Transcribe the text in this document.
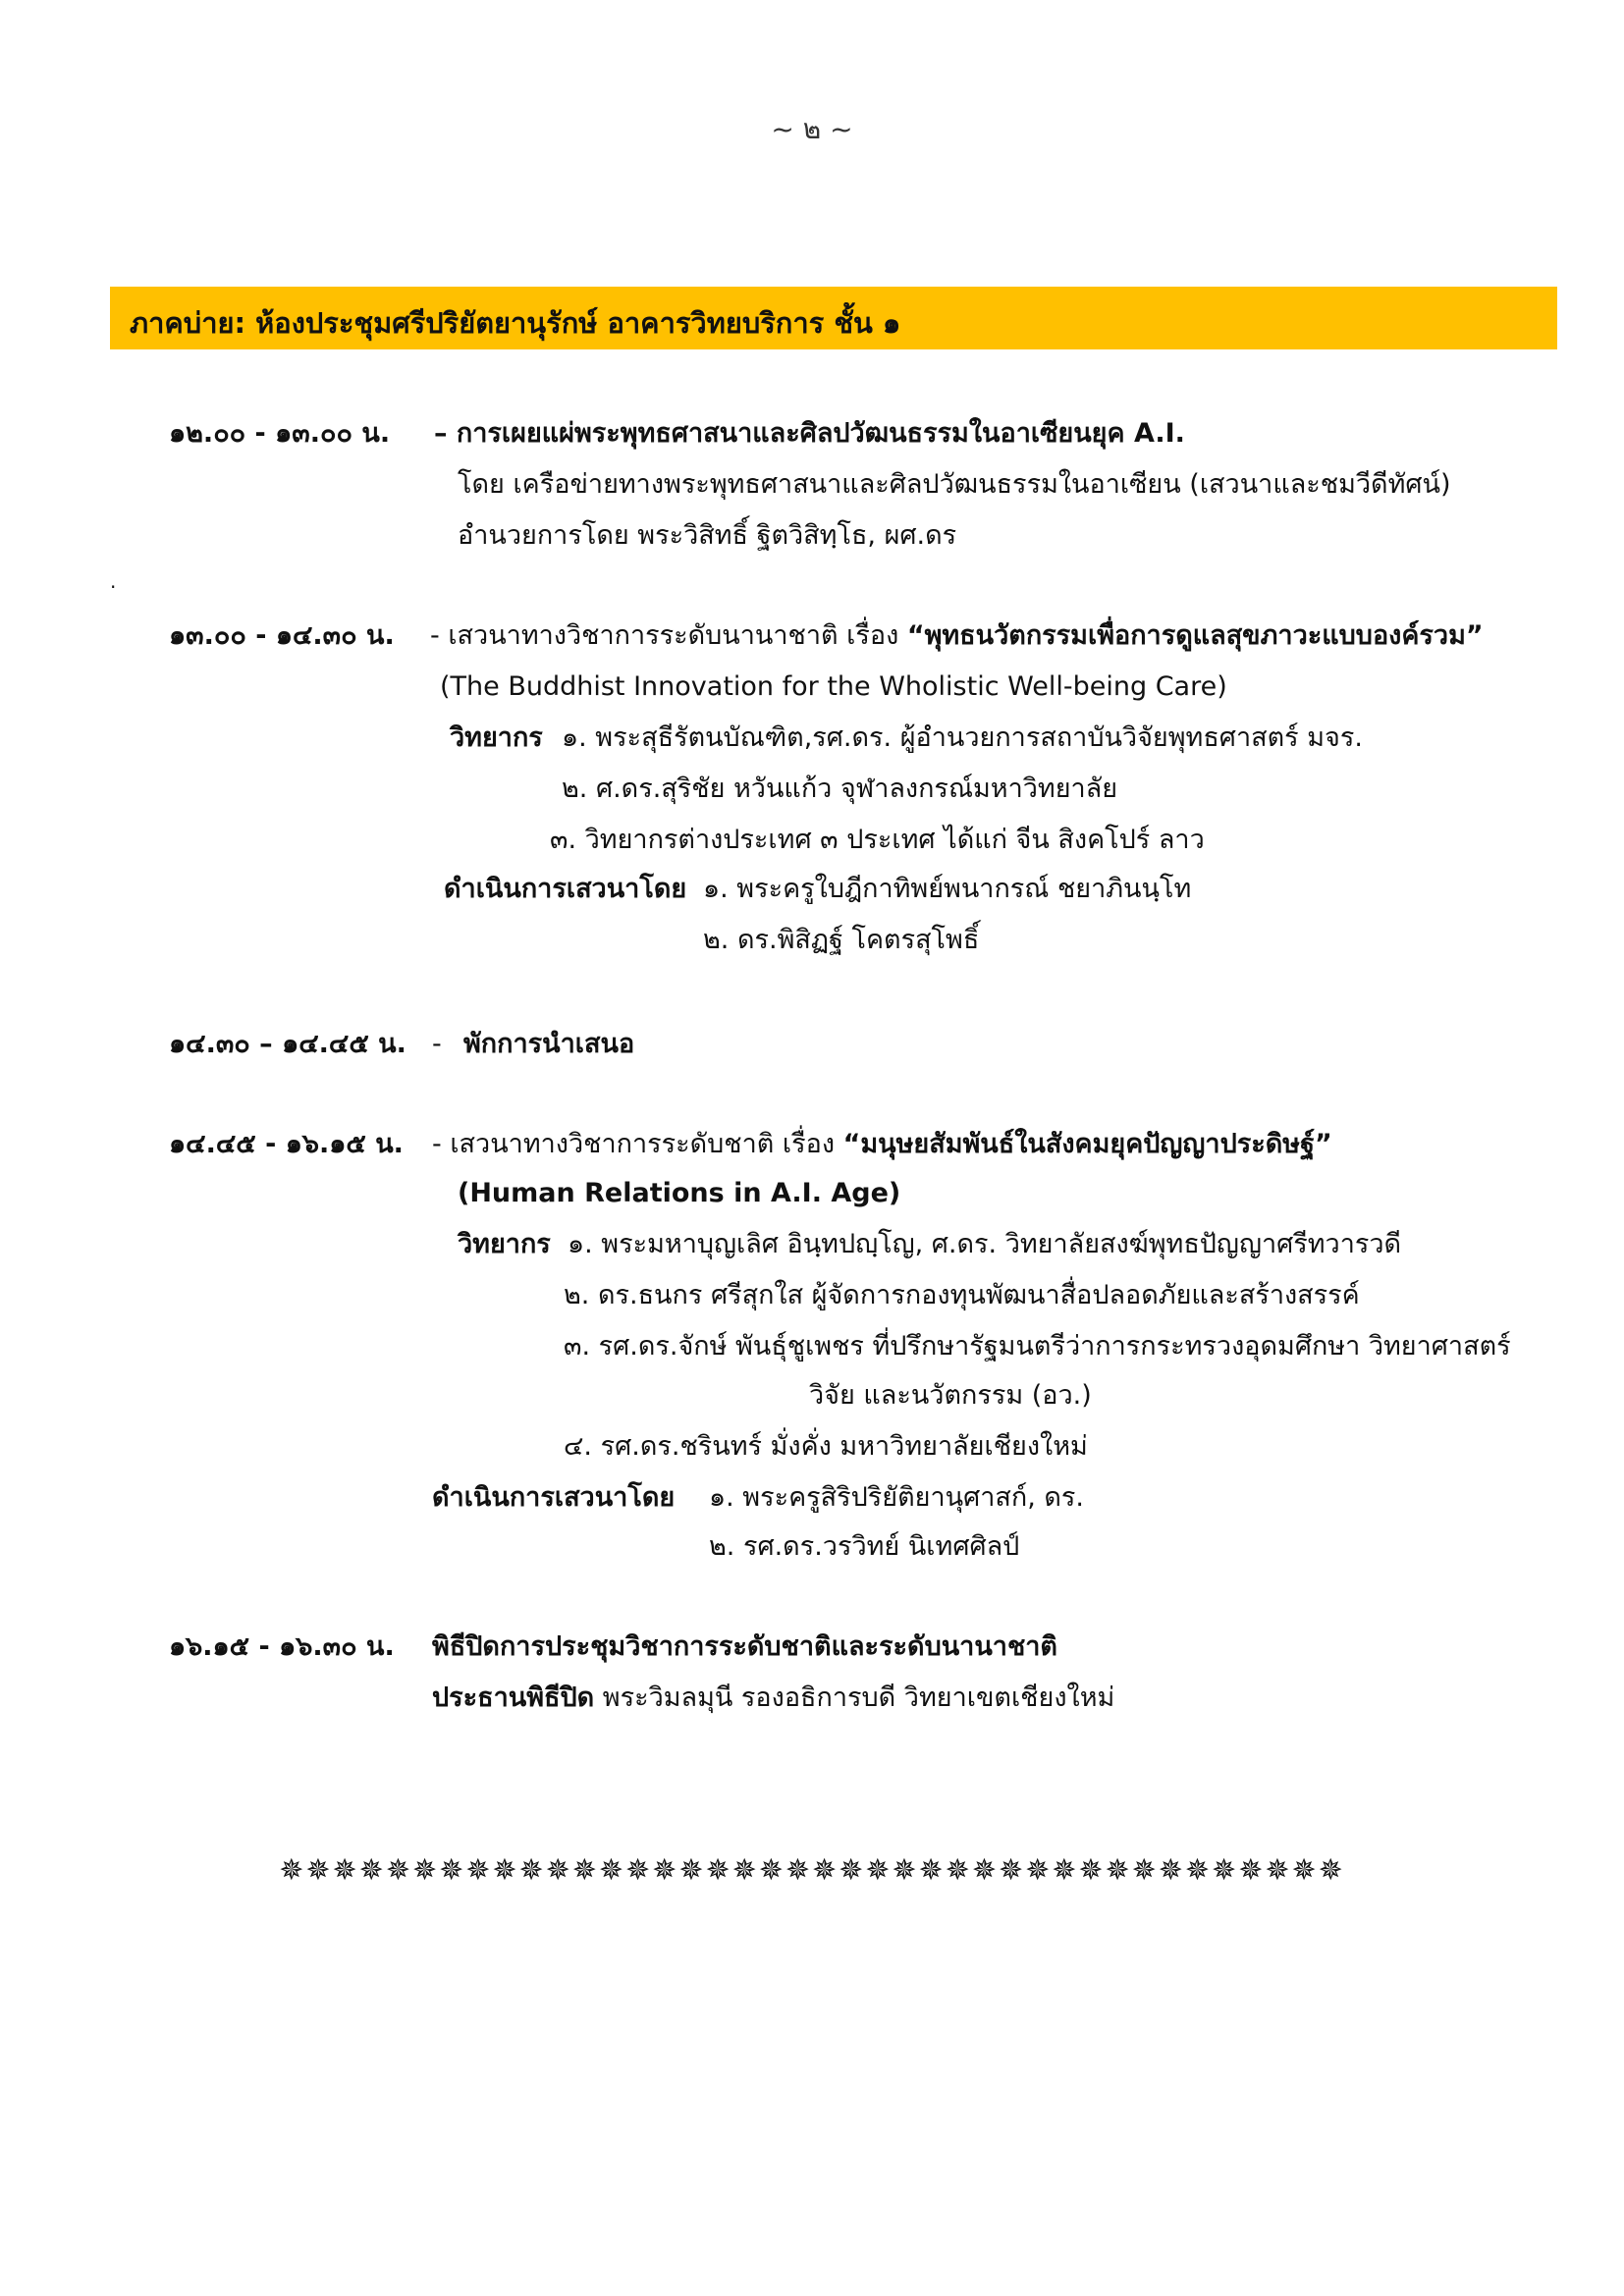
~ ๒ ~
ภาคบ่าย: ห้องประชุมศรีปริยัตยานุรักษ์ อาคารวิทยบริการ ชั้น ๑
๑๒.๐๐ - ๑๓.๐๐ น. – การเผยแผ่พระพุทธศาสนาและศิลปวัฒนธรรมในอาเซียนยุค A.I.
โดย เครือข่ายทางพระพุทธศาสนาและศิลปวัฒนธรรมในอาเซียน (เสวนาและชมวีดีทัศน์)
อำนวยการโดย พระวิสิทธิ์ ฐิตวิสิทฺโธ, ผศ.ดร
.
๑๓.๐๐ - ๑๔.๓๐ น. - เสวนาทางวิชาการระดับนานาชาติ เรื่อง “พุทธนวัตกรรมเพื่อการดูแลสุขภาวะแบบองค์รวม”
(The Buddhist Innovation for the Wholistic Well-being Care)
วิทยากร ๑. พระสุธีรัตนบัณฑิต,รศ.ดร. ผู้อำนวยการสถาบันวิจัยพุทธศาสตร์ มจร.
๒. ศ.ดร.สุริชัย หวันแก้ว จุฬาลงกรณ์มหาวิทยาลัย
๓. วิทยากรต่างประเทศ ๓ ประเทศ ได้แก่ จีน สิงคโปร์ ลาว
ดำเนินการเสวนาโดย ๑. พระครูใบฎีกาทิพย์พนากรณ์ ชยาภินนฺโท
๒. ดร.พิสิฏฐ์ โคตรสุโพธิ์
๑๔.๓๐ – ๑๔.๔๕ น. - พักการนำเสนอ
๑๔.๔๕ - ๑๖.๑๕ น. - เสวนาทางวิชาการระดับชาติ เรื่อง “มนุษยสัมพันธ์ในสังคมยุคปัญญาประดิษฐ์”
(Human Relations in A.I. Age)
วิทยากร ๑. พระมหาบุญเลิศ อินฺทปญฺโญ, ศ.ดร. วิทยาลัยสงฆ์พุทธปัญญาศรีทวารวดี
๒. ดร.ธนกร ศรีสุกใส ผู้จัดการกองทุนพัฒนาสื่อปลอดภัยและสร้างสรรค์
๓. รศ.ดร.จักษ์ พันธุ์ชูเพชร ที่ปรึกษารัฐมนตรีว่าการกระทรวงอุดมศึกษา วิทยาศาสตร์
วิจัย และนวัตกรรม (อว.)
๔. รศ.ดร.ชรินทร์ มั่งคั่ง มหาวิทยาลัยเชียงใหม่
ดำเนินการเสวนาโดย ๑. พระครูสิริปริยัติยานุศาสก์, ดร.
๒. รศ.ดร.วรวิทย์ นิเทศศิลป์
๑๖.๑๕ - ๑๖.๓๐ น. พิธีปิดการประชุมวิชาการระดับชาติและระดับนานาชาติ
ประธานพิธีปิด พระวิมลมุนี รองอธิการบดี วิทยาเขตเชียงใหม่
✵✵✵✵✵✵✵✵✵✵✵✵✵✵✵✵✵✵✵✵✵✵✵✵✵✵✵✵✵✵✵✵✵✵✵✵✵✵✵✵
